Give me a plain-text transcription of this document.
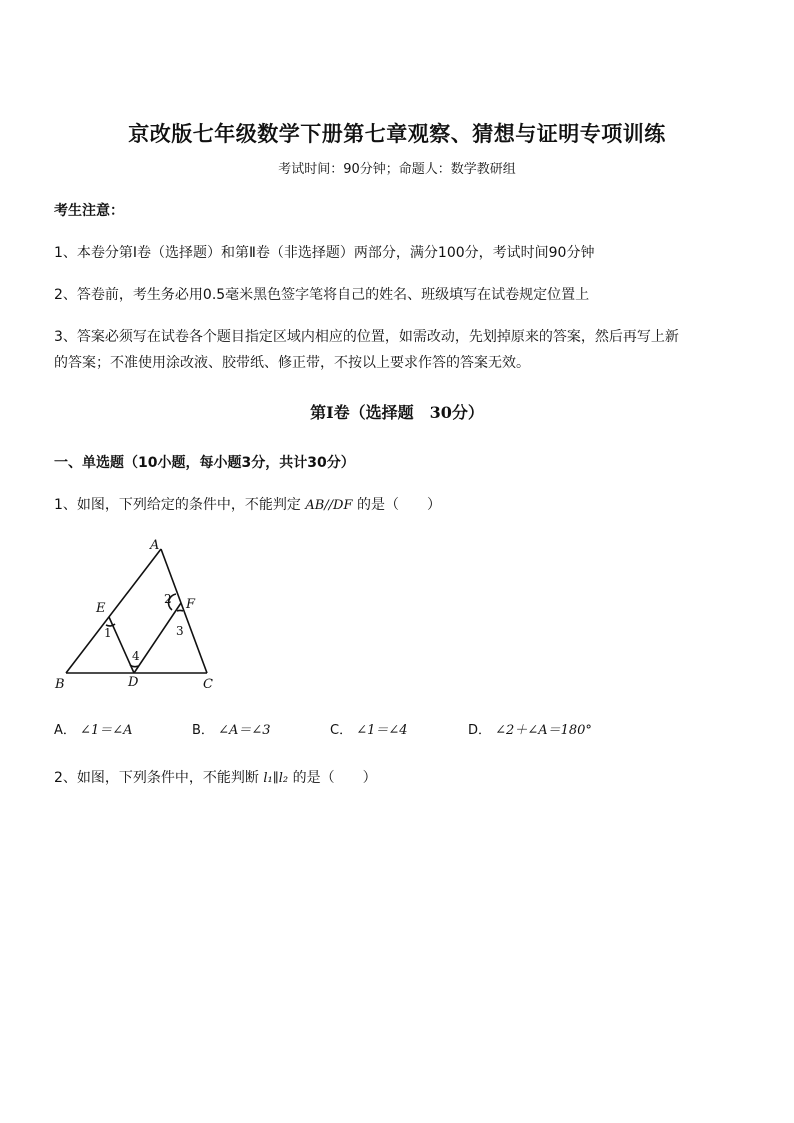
京改版七年级数学下册第七章观察、猜想与证明专项训练
考试时间：90分钟；命题人：数学教研组
考生注意：
1、本卷分第Ⅰ卷（选择题）和第Ⅱ卷（非选择题）两部分，满分100分，考试时间90分钟
2、答卷前，考生务必用0.5毫米黑色签字笔将自己的姓名、班级填写在试卷规定位置上
3、答案必须写在试卷各个题目指定区域内相应的位置，如需改动，先划掉原来的答案，然后再写上新
的答案；不准使用涂改液、胶带纸、修正带，不按以上要求作答的答案无效。
第Ⅰ卷（选择题　30分）
一、单选题（10小题，每小题3分，共计30分）
1、如图，下列给定的条件中，不能判定 AB//DF 的是（　　）
A
B	C
D
E	F
1
2
3
4
A． ∠1＝∠A	B． ∠A＝∠3	C． ∠1＝∠4	D． ∠2＋∠A＝180°
2、如图，下列条件中，不能判断 l₁∥l₂ 的是（　　）
